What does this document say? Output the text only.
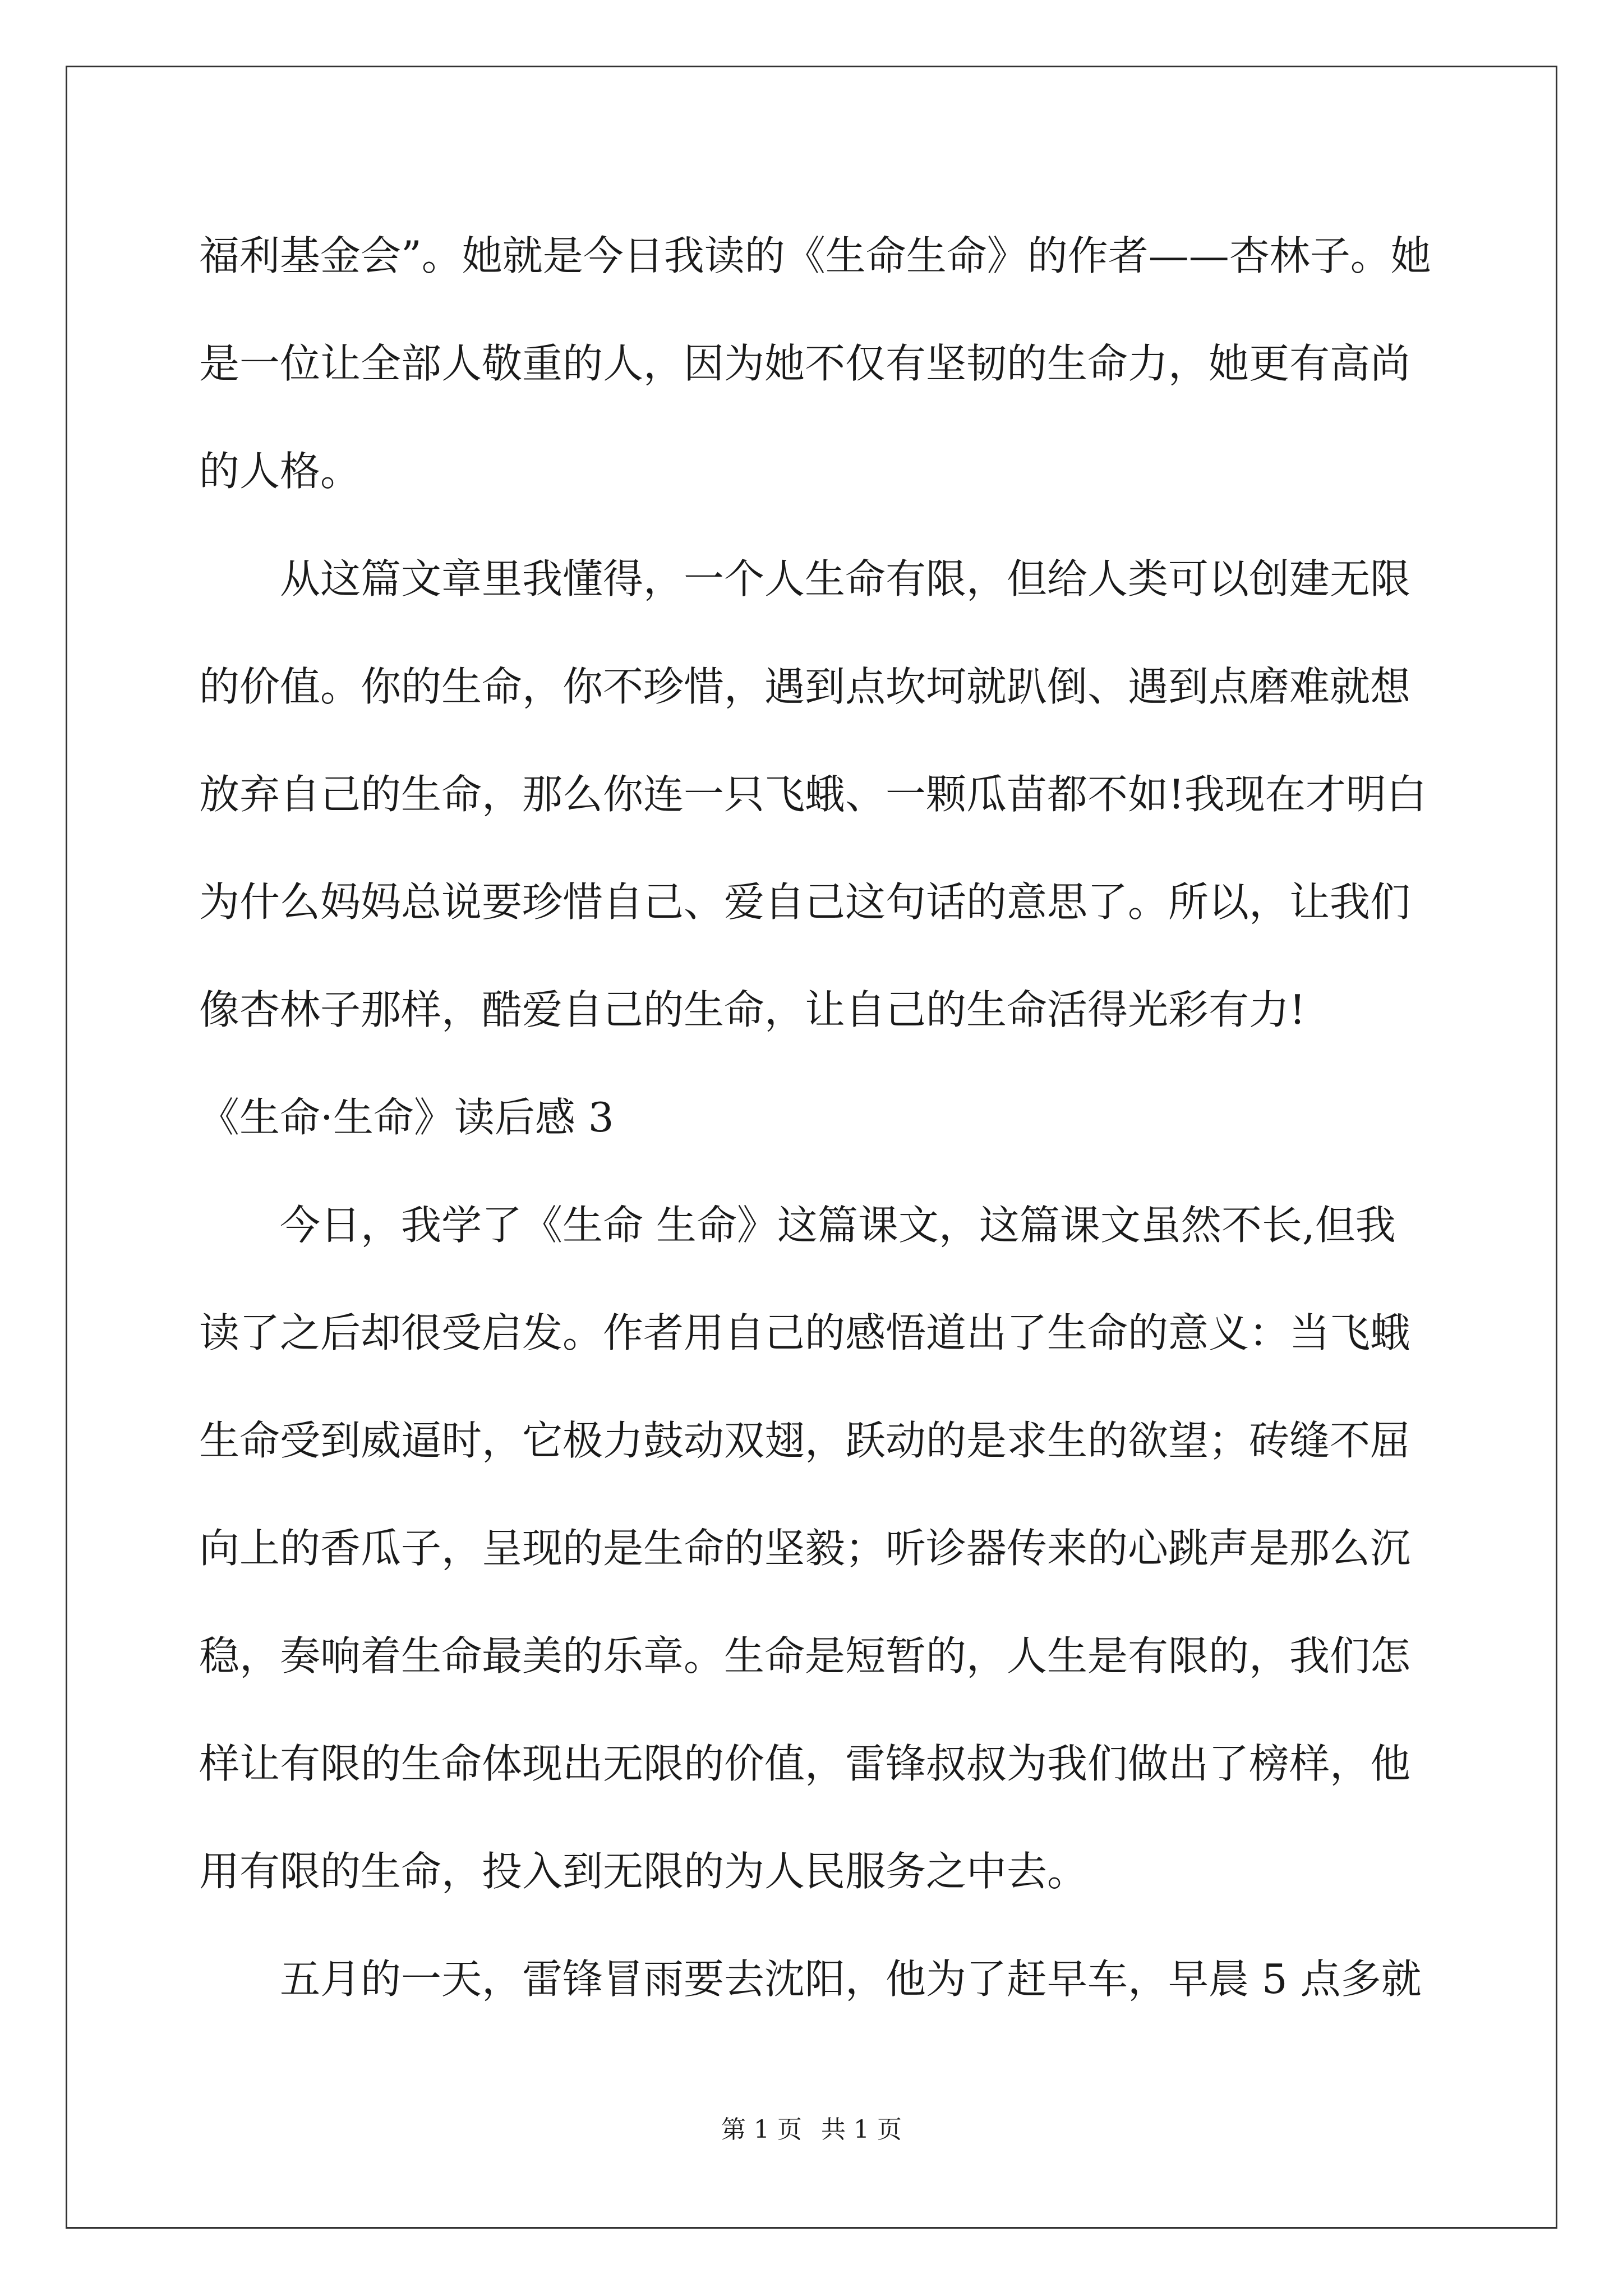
福利基金会”。她就是今日我读的《生命生命》的作者——杏林子。她
是一位让全部人敬重的人，因为她不仅有坚韧的生命力，她更有高尚
的人格。
从这篇文章里我懂得，一个人生命有限，但给人类可以创建无限
的价值。你的生命，你不珍惜，遇到点坎坷就趴倒、遇到点磨难就想
放弃自己的生命，那么你连一只飞蛾、一颗瓜苗都不如!我现在才明白
为什么妈妈总说要珍惜自己、爱自己这句话的意思了。所以，让我们
像杏林子那样，酷爱自己的生命，让自己的生命活得光彩有力!
《生命·生命》读后感 3
今日，我学了《生命 生命》这篇课文，这篇课文虽然不长,但我
读了之后却很受启发。作者用自己的感悟道出了生命的意义：当飞蛾
生命受到威逼时，它极力鼓动双翅，跃动的是求生的欲望；砖缝不屈
向上的香瓜子，呈现的是生命的坚毅；听诊器传来的心跳声是那么沉
稳，奏响着生命最美的乐章。生命是短暂的，人生是有限的，我们怎
样让有限的生命体现出无限的价值，雷锋叔叔为我们做出了榜样，他
用有限的生命，投入到无限的为人民服务之中去。
五月的一天，雷锋冒雨要去沈阳，他为了赶早车，早晨 5 点多就
第 1 页 共 1 页
